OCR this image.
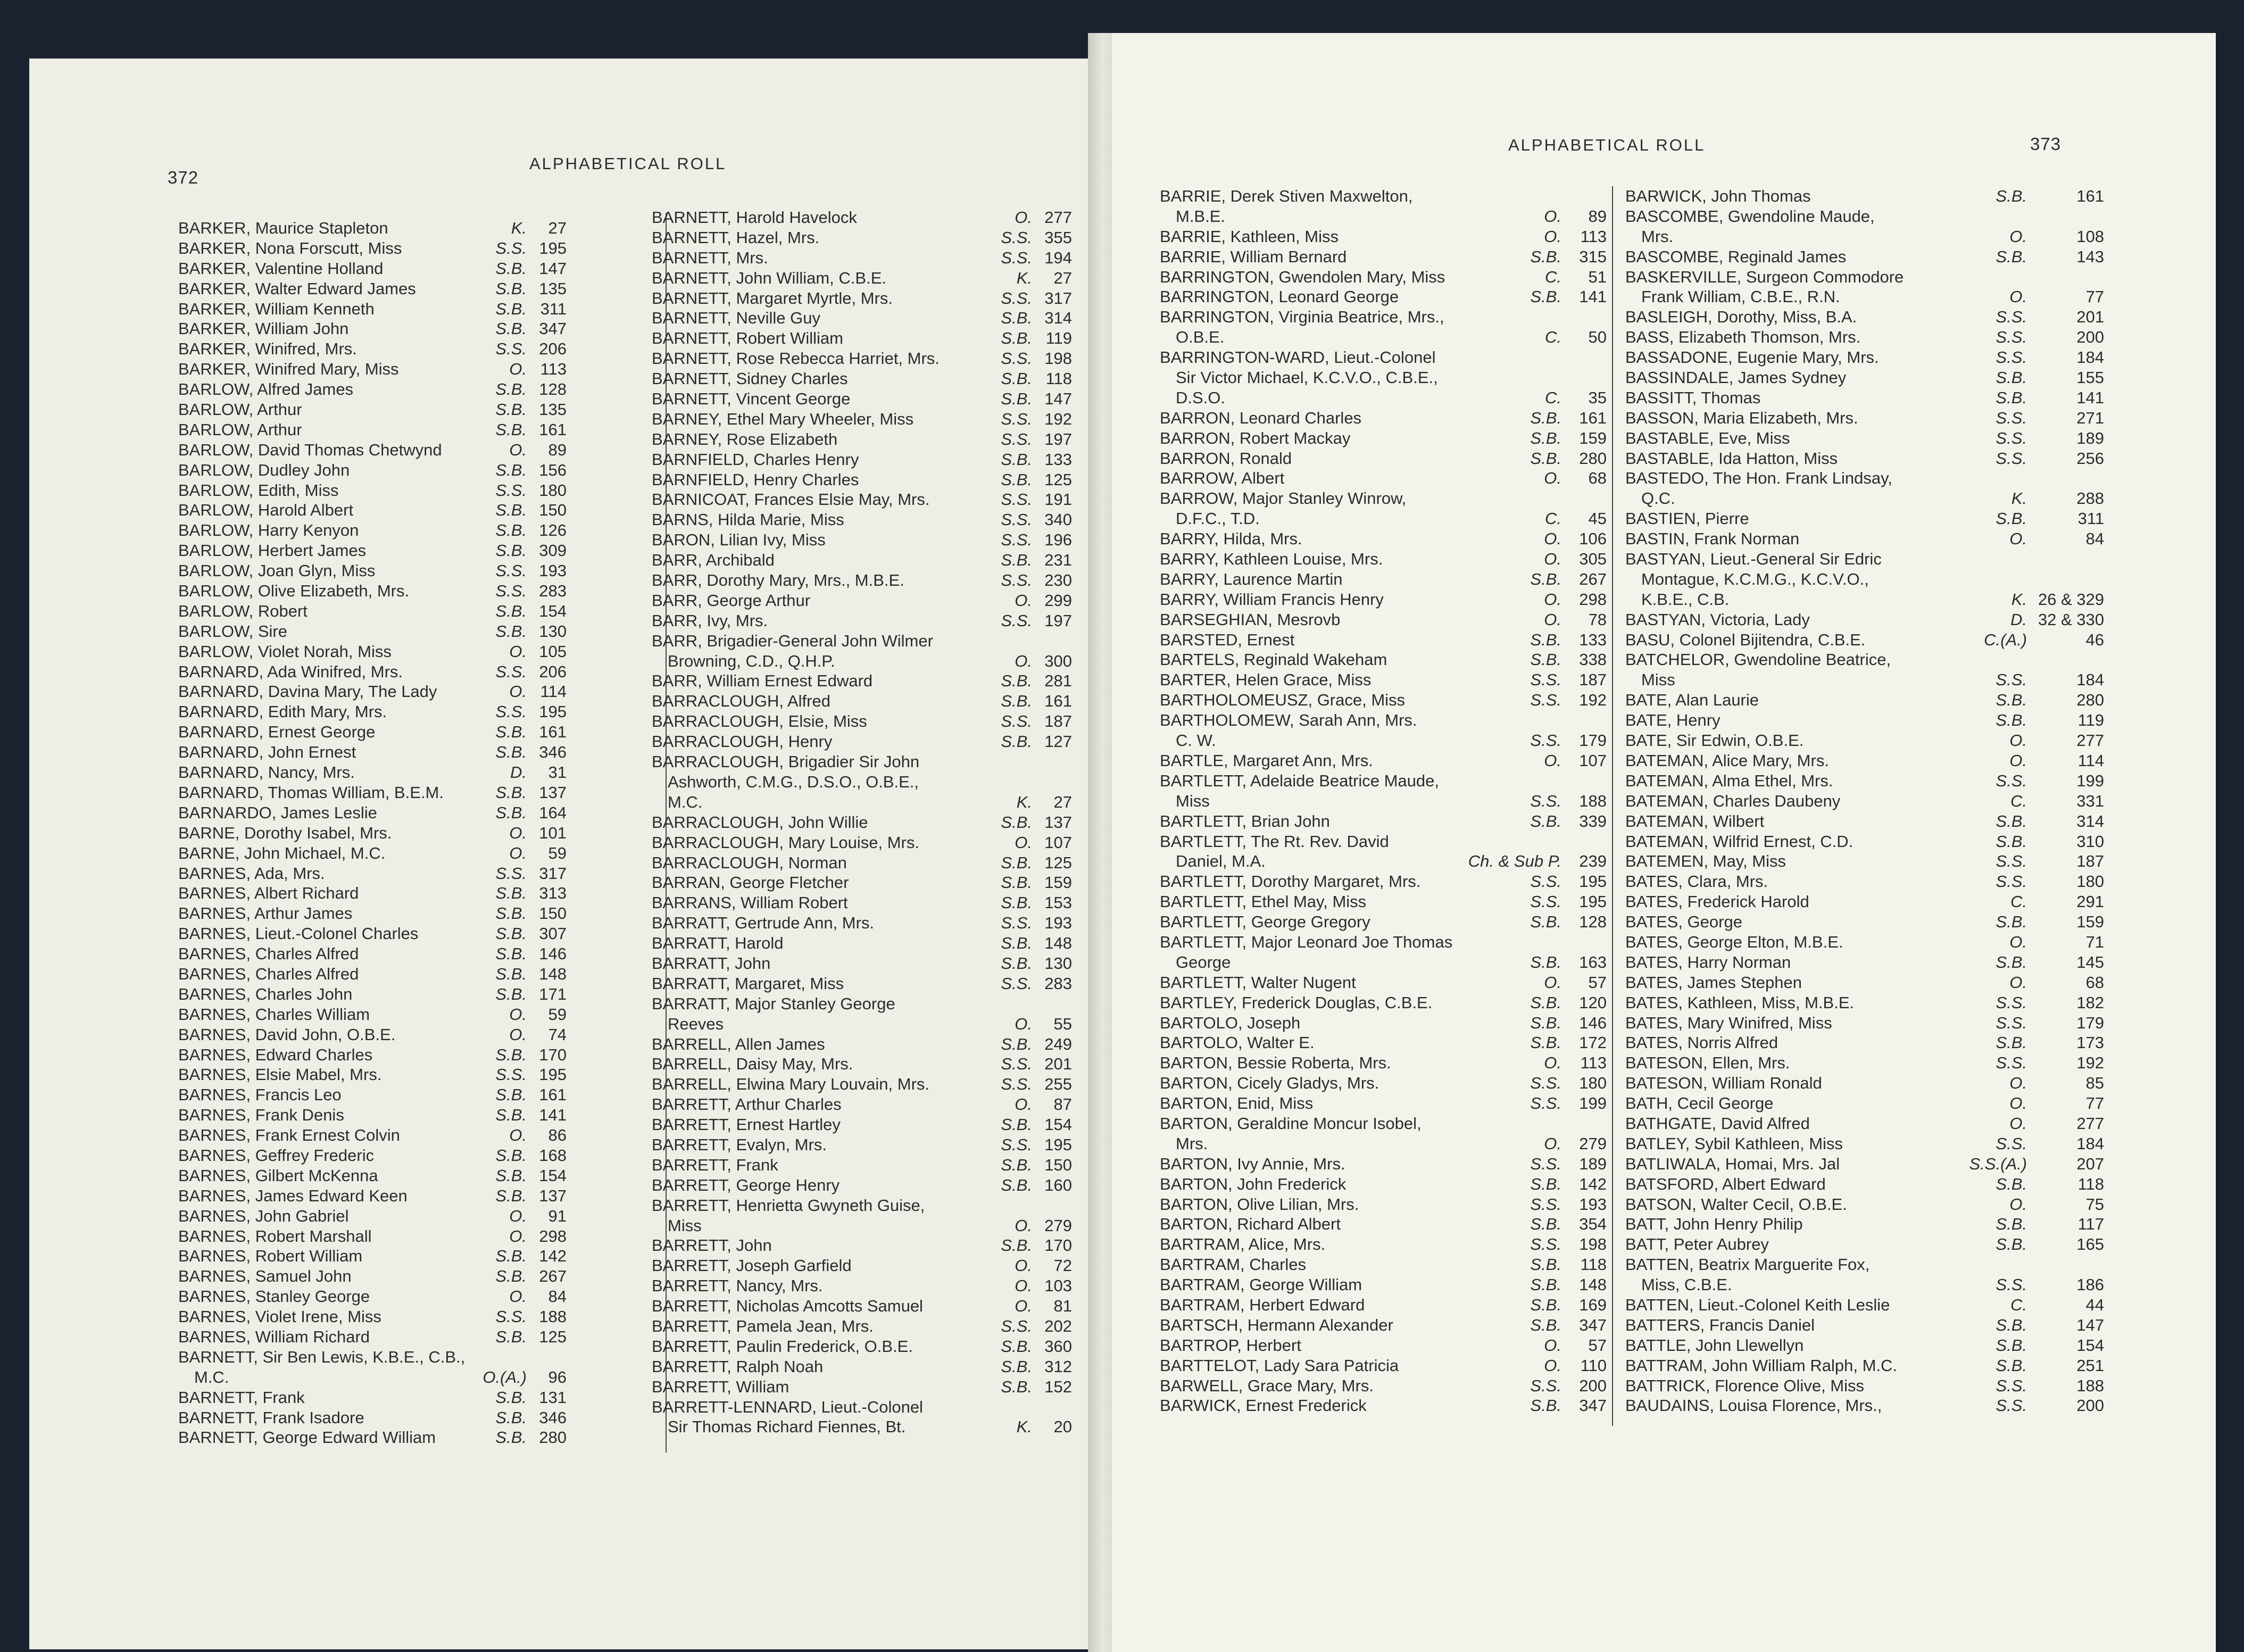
372
ALPHABETICAL ROLL
BARKER, Maurice Stapleton	K. 27
BARKER, Nona Forscutt, Miss	S.S. 195
BARKER, Valentine Holland	S.B. 147
BARKER, Walter Edward James	S.B. 135
BARKER, William Kenneth	S.B. 311
BARKER, William John	S.B. 347
BARKER, Winifred, Mrs.	S.S. 206
BARKER, Winifred Mary, Miss	O. 113
BARLOW, Alfred James	S.B. 128
BARLOW, Arthur	S.B. 135
BARLOW, Arthur	S.B. 161
BARLOW, David Thomas Chetwynd	O. 89
BARLOW, Dudley John	S.B. 156
BARLOW, Edith, Miss	S.S. 180
BARLOW, Harold Albert	S.B. 150
BARLOW, Harry Kenyon	S.B. 126
BARLOW, Herbert James	S.B. 309
BARLOW, Joan Glyn, Miss	S.S. 193
BARLOW, Olive Elizabeth, Mrs.	S.S. 283
BARLOW, Robert	S.B. 154
BARLOW, Sire	S.B. 130
BARLOW, Violet Norah, Miss	O. 105
BARNARD, Ada Winifred, Mrs.	S.S. 206
BARNARD, Davina Mary, The Lady	O. 114
BARNARD, Edith Mary, Mrs.	S.S. 195
BARNARD, Ernest George	S.B. 161
BARNARD, John Ernest	S.B. 346
BARNARD, Nancy, Mrs.	D. 31
BARNARD, Thomas William, B.E.M.	S.B. 137
BARNARDO, James Leslie	S.B. 164
BARNE, Dorothy Isabel, Mrs.	O. 101
BARNE, John Michael, M.C.	O. 59
BARNES, Ada, Mrs.	S.S. 317
BARNES, Albert Richard	S.B. 313
BARNES, Arthur James	S.B. 150
BARNES, Lieut.-Colonel Charles	S.B. 307
BARNES, Charles Alfred	S.B. 146
BARNES, Charles Alfred	S.B. 148
BARNES, Charles John	S.B. 171
BARNES, Charles William	O. 59
BARNES, David John, O.B.E.	O. 74
BARNES, Edward Charles	S.B. 170
BARNES, Elsie Mabel, Mrs.	S.S. 195
BARNES, Francis Leo	S.B. 161
BARNES, Frank Denis	S.B. 141
BARNES, Frank Ernest Colvin	O. 86
BARNES, Geffrey Frederic	S.B. 168
BARNES, Gilbert McKenna	S.B. 154
BARNES, James Edward Keen	S.B. 137
BARNES, John Gabriel	O. 91
BARNES, Robert Marshall	O. 298
BARNES, Robert William	S.B. 142
BARNES, Samuel John	S.B. 267
BARNES, Stanley George	O. 84
BARNES, Violet Irene, Miss	S.S. 188
BARNES, William Richard	S.B. 125
BARNETT, Sir Ben Lewis, K.B.E., C.B.,
M.C.	O.(A.) 96
BARNETT, Frank	S.B. 131
BARNETT, Frank Isadore	S.B. 346
BARNETT, George Edward William	S.B. 280
BARNETT, Harold Havelock	O. 277
BARNETT, Hazel, Mrs.	S.S. 355
BARNETT, Mrs.	S.S. 194
BARNETT, John William, C.B.E.	K. 27
BARNETT, Margaret Myrtle, Mrs.	S.S. 317
BARNETT, Neville Guy	S.B. 314
BARNETT, Robert William	S.B. 119
BARNETT, Rose Rebecca Harriet, Mrs.	S.S. 198
BARNETT, Sidney Charles	S.B. 118
BARNETT, Vincent George	S.B. 147
BARNEY, Ethel Mary Wheeler, Miss	S.S. 192
BARNEY, Rose Elizabeth	S.S. 197
BARNFIELD, Charles Henry	S.B. 133
BARNFIELD, Henry Charles	S.B. 125
BARNICOAT, Frances Elsie May, Mrs.	S.S. 191
BARNS, Hilda Marie, Miss	S.S. 340
BARON, Lilian Ivy, Miss	S.S. 196
BARR, Archibald	S.B. 231
BARR, Dorothy Mary, Mrs., M.B.E.	S.S. 230
BARR, George Arthur	O. 299
BARR, Ivy, Mrs.	S.S. 197
BARR, Brigadier-General John Wilmer
Browning, C.D., Q.H.P.	O. 300
BARR, William Ernest Edward	S.B. 281
BARRACLOUGH, Alfred	S.B. 161
BARRACLOUGH, Elsie, Miss	S.S. 187
BARRACLOUGH, Henry	S.B. 127
BARRACLOUGH, Brigadier Sir John
Ashworth, C.M.G., D.S.O., O.B.E.,
M.C.	K. 27
BARRACLOUGH, John Willie	S.B. 137
BARRACLOUGH, Mary Louise, Mrs.	O. 107
BARRACLOUGH, Norman	S.B. 125
BARRAN, George Fletcher	S.B. 159
BARRANS, William Robert	S.B. 153
BARRATT, Gertrude Ann, Mrs.	S.S. 193
BARRATT, Harold	S.B. 148
BARRATT, John	S.B. 130
BARRATT, Margaret, Miss	S.S. 283
BARRATT, Major Stanley George
Reeves	O. 55
BARRELL, Allen James	S.B. 249
BARRELL, Daisy May, Mrs.	S.S. 201
BARRELL, Elwina Mary Louvain, Mrs.	S.S. 255
BARRETT, Arthur Charles	O. 87
BARRETT, Ernest Hartley	S.B. 154
BARRETT, Evalyn, Mrs.	S.S. 195
BARRETT, Frank	S.B. 150
BARRETT, George Henry	S.B. 160
BARRETT, Henrietta Gwyneth Guise,
Miss	O. 279
BARRETT, John	S.B. 170
BARRETT, Joseph Garfield	O. 72
BARRETT, Nancy, Mrs.	O. 103
BARRETT, Nicholas Amcotts Samuel	O. 81
BARRETT, Pamela Jean, Mrs.	S.S. 202
BARRETT, Paulin Frederick, O.B.E.	S.B. 360
BARRETT, Ralph Noah	S.B. 312
BARRETT, William	S.B. 152
BARRETT-LENNARD, Lieut.-Colonel
Sir Thomas Richard Fiennes, Bt.	K. 20
ALPHABETICAL ROLL	373
BARRIE, Derek Stiven Maxwelton,
M.B.E.	O. 89
BARRIE, Kathleen, Miss	O. 113
BARRIE, William Bernard	S.B. 315
BARRINGTON, Gwendolen Mary, Miss	C. 51
BARRINGTON, Leonard George	S.B. 141
BARRINGTON, Virginia Beatrice, Mrs.,
O.B.E.	C. 50
BARRINGTON-WARD, Lieut.-Colonel
Sir Victor Michael, K.C.V.O., C.B.E.,
D.S.O.	C. 35
BARRON, Leonard Charles	S.B. 161
BARRON, Robert Mackay	S.B. 159
BARRON, Ronald	S.B. 280
BARROW, Albert	O. 68
BARROW, Major Stanley Winrow,
D.F.C., T.D.	C. 45
BARRY, Hilda, Mrs.	O. 106
BARRY, Kathleen Louise, Mrs.	O. 305
BARRY, Laurence Martin	S.B. 267
BARRY, William Francis Henry	O. 298
BARSEGHIAN, Mesrovb	O. 78
BARSTED, Ernest	S.B. 133
BARTELS, Reginald Wakeham	S.B. 338
BARTER, Helen Grace, Miss	S.S. 187
BARTHOLOMEUSZ, Grace, Miss	S.S. 192
BARTHOLOMEW, Sarah Ann, Mrs.
C. W.	S.S. 179
BARTLE, Margaret Ann, Mrs.	O. 107
BARTLETT, Adelaide Beatrice Maude,
Miss	S.S. 188
BARTLETT, Brian John	S.B. 339
BARTLETT, The Rt. Rev. David
Daniel, M.A.	Ch. & Sub P. 239
BARTLETT, Dorothy Margaret, Mrs.	S.S. 195
BARTLETT, Ethel May, Miss	S.S. 195
BARTLETT, George Gregory	S.B. 128
BARTLETT, Major Leonard Joe Thomas
George	S.B. 163
BARTLETT, Walter Nugent	O. 57
BARTLEY, Frederick Douglas, C.B.E.	S.B. 120
BARTOLO, Joseph	S.B. 146
BARTOLO, Walter E.	S.B. 172
BARTON, Bessie Roberta, Mrs.	O. 113
BARTON, Cicely Gladys, Mrs.	S.S. 180
BARTON, Enid, Miss	S.S. 199
BARTON, Geraldine Moncur Isobel,
Mrs.	O. 279
BARTON, Ivy Annie, Mrs.	S.S. 189
BARTON, John Frederick	S.B. 142
BARTON, Olive Lilian, Mrs.	S.S. 193
BARTON, Richard Albert	S.B. 354
BARTRAM, Alice, Mrs.	S.S. 198
BARTRAM, Charles	S.B. 118
BARTRAM, George William	S.B. 148
BARTRAM, Herbert Edward	S.B. 169
BARTSCH, Hermann Alexander	S.B. 347
BARTROP, Herbert	O. 57
BARTTELOT, Lady Sara Patricia	O. 110
BARWELL, Grace Mary, Mrs.	S.S. 200
BARWICK, Ernest Frederick	S.B. 347
BARWICK, John Thomas	S.B.	161
BASCOMBE, Gwendoline Maude,
Mrs.	O.	108
BASCOMBE, Reginald James	S.B.	143
BASKERVILLE, Surgeon Commodore
Frank William, C.B.E., R.N.	O.	77
BASLEIGH, Dorothy, Miss, B.A.	S.S.	201
BASS, Elizabeth Thomson, Mrs.	S.S.	200
BASSADONE, Eugenie Mary, Mrs.	S.S.	184
BASSINDALE, James Sydney	S.B.	155
BASSITT, Thomas	S.B.	141
BASSON, Maria Elizabeth, Mrs.	S.S.	271
BASTABLE, Eve, Miss	S.S.	189
BASTABLE, Ida Hatton, Miss	S.S.	256
BASTEDO, The Hon. Frank Lindsay,
Q.C.	K.	288
BASTIEN, Pierre	S.B.	311
BASTIN, Frank Norman	O.	84
BASTYAN, Lieut.-General Sir Edric
Montague, K.C.M.G., K.C.V.O.,
K.B.E., C.B.	K. 26 & 329
BASTYAN, Victoria, Lady	D. 32 & 330
BASU, Colonel Bijitendra, C.B.E.	C.(A.)	46
BATCHELOR, Gwendoline Beatrice,
Miss	S.S.	184
BATE, Alan Laurie	S.B.	280
BATE, Henry	S.B.	119
BATE, Sir Edwin, O.B.E.	O.	277
BATEMAN, Alice Mary, Mrs.	O.	114
BATEMAN, Alma Ethel, Mrs.	S.S.	199
BATEMAN, Charles Daubeny	C.	331
BATEMAN, Wilbert	S.B.	314
BATEMAN, Wilfrid Ernest, C.D.	S.B.	310
BATEMEN, May, Miss	S.S.	187
BATES, Clara, Mrs.	S.S.	180
BATES, Frederick Harold	C.	291
BATES, George	S.B.	159
BATES, George Elton, M.B.E.	O.	71
BATES, Harry Norman	S.B.	145
BATES, James Stephen	O.	68
BATES, Kathleen, Miss, M.B.E.	S.S.	182
BATES, Mary Winifred, Miss	S.S.	179
BATES, Norris Alfred	S.B.	173
BATESON, Ellen, Mrs.	S.S.	192
BATESON, William Ronald	O.	85
BATH, Cecil George	O.	77
BATHGATE, David Alfred	O.	277
BATLEY, Sybil Kathleen, Miss	S.S.	184
BATLIWALA, Homai, Mrs. Jal	S.S.(A.)	207
BATSFORD, Albert Edward	S.B.	118
BATSON, Walter Cecil, O.B.E.	O.	75
BATT, John Henry Philip	S.B.	117
BATT, Peter Aubrey	S.B.	165
BATTEN, Beatrix Marguerite Fox,
Miss, C.B.E.	S.S.	186
BATTEN, Lieut.-Colonel Keith Leslie	C.	44
BATTERS, Francis Daniel	S.B.	147
BATTLE, John Llewellyn	S.B.	154
BATTRAM, John William Ralph, M.C.	S.B.	251
BATTRICK, Florence Olive, Miss	S.S.	188
BAUDAINS, Louisa Florence, Mrs.,	S.S.	200
